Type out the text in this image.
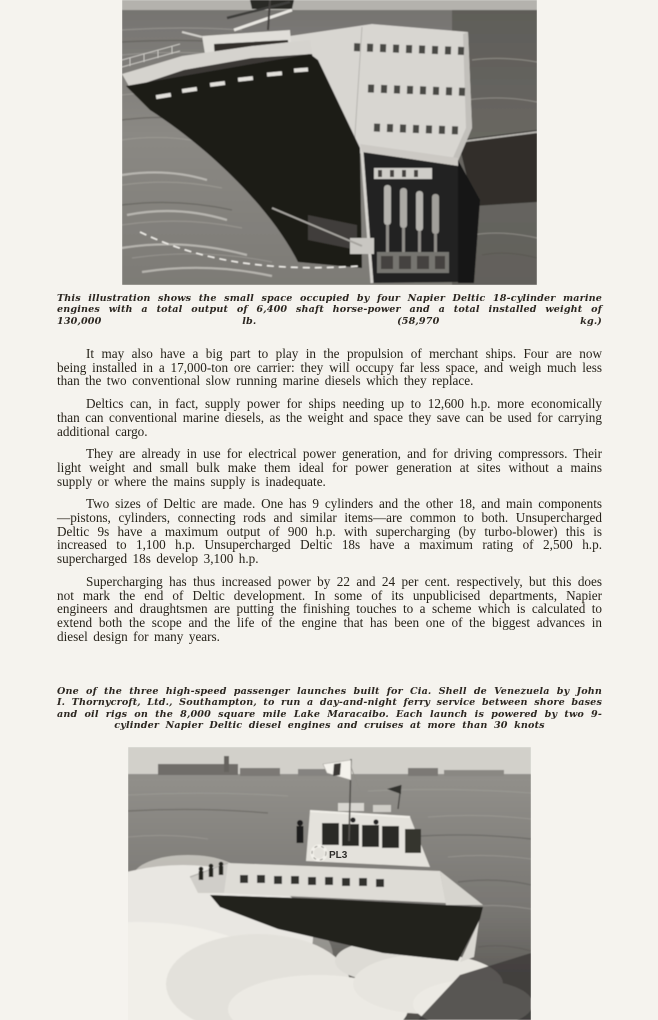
This illustration shows the small space occupied by four Napier Deltic 18-cylinder marine engines with a total output of 6,400 shaft horse-power and a total installed weight of 130,000 lb. (58,970 kg.)

It may also have a big part to play in the propulsion of merchant ships. Four are now being installed in a 17,000-ton ore carrier: they will occupy far less space, and weigh much less than the two conventional slow running marine diesels which they replace.

Deltics can, in fact, supply power for ships needing up to 12,600 h.p. more economically than can conventional marine diesels, as the weight and space they save can be used for carrying additional cargo.

They are already in use for electrical power generation, and for driving compressors. Their light weight and small bulk make them ideal for power generation at sites without a mains supply or where the mains supply is inadequate.

Two sizes of Deltic are made. One has 9 cylinders and the other 18, and main components—pistons, cylinders, connecting rods and similar items—are common to both. Unsupercharged Deltic 9s have a maximum output of 900 h.p. with supercharging (by turbo-blower) this is increased to 1,100 h.p. Unsupercharged Deltic 18s have a maximum rating of 2,500 h.p. supercharged 18s develop 3,100 h.p.

Supercharging has thus increased power by 22 and 24 per cent. respectively, but this does not mark the end of Deltic development. In some of its unpublicised departments, Napier engineers and draughtsmen are putting the finishing touches to a scheme which is calculated to extend both the scope and the life of the engine that has been one of the biggest advances in diesel design for many years.

One of the three high-speed passenger launches built for Cia. Shell de Venezuela by John I. Thornycroft, Ltd., Southampton, to run a day-and-night ferry service between shore bases and oil rigs on the 8,000 square mile Lake Maracaibo. Each launch is powered by two 9-cylinder Napier Deltic diesel engines and cruises at more than 30 knots

PL3
